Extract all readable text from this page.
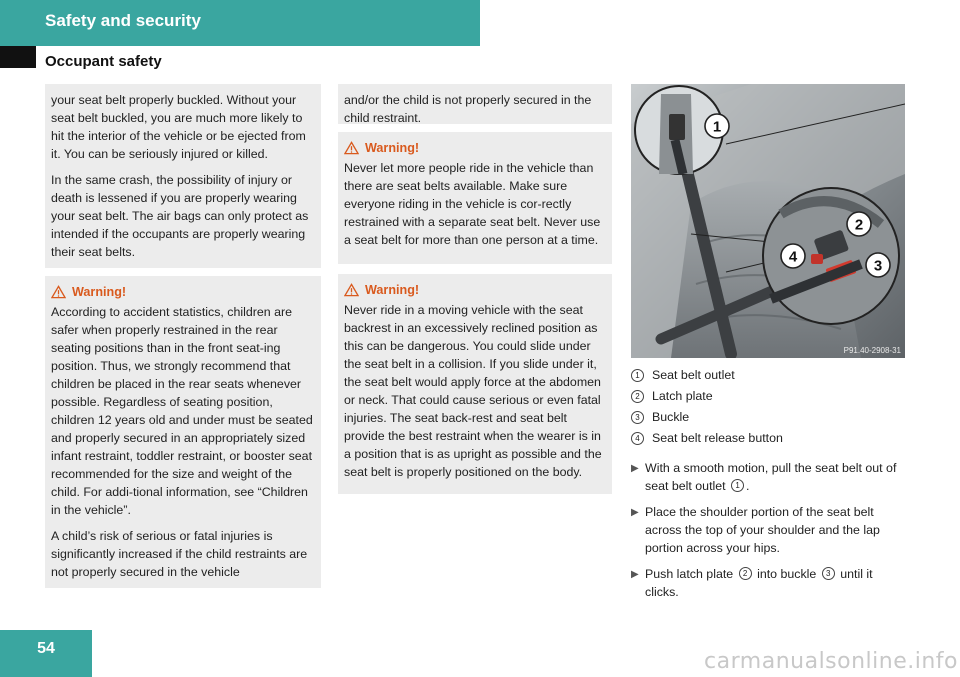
Safety and security
Occupant safety

your seat belt properly buckled. Without your seat belt buckled, you are much more likely to hit the interior of the vehicle or be ejected from it. You can be seriously injured or killed.

In the same crash, the possibility of injury or death is lessened if you are properly wearing your seat belt. The air bags can only protect as intended if the occupants are properly wearing their seat belts.

Warning!

According to accident statistics, children are safer when properly restrained in the rear seating positions than in the front seat-ing position. Thus, we strongly recommend that children be placed in the rear seats whenever possible. Regardless of seating position, children 12 years old and under must be seated and properly secured in an appropriately sized infant restraint, toddler restraint, or booster seat recommended for the size and weight of the child. For addi-tional information, see “Children in the vehicle”.

A child’s risk of serious or fatal injuries is significantly increased if the child restraints are not properly secured in the vehicle

and/or the child is not properly secured in the child restraint.

Warning!

Never let more people ride in the vehicle than there are seat belts available. Make sure everyone riding in the vehicle is cor-rectly restrained with a separate seat belt. Never use a seat belt for more than one person at a time.

Warning!

Never ride in a moving vehicle with the seat backrest in an excessively reclined position as this can be dangerous. You could slide under the seat belt in a collision. If you slide under it, the seat belt would apply force at the abdomen or neck. That could cause serious or even fatal injuries. The seat back-rest and seat belt provide the best restraint when the wearer is in a position that is as upright as possible and the seat belt is properly positioned on the body.

1
2
3
4
P91.40-2908-31
1 Seat belt outlet
2 Latch plate
3 Buckle
4 Seat belt release button
▶ With a smooth motion, pull the seat belt out of seat belt outlet 1 .
▶ Place the shoulder portion of the seat belt across the top of your shoulder and the lap portion across your hips.
▶ Push latch plate 2 into buckle 3 until it clicks.
54
carmanualsonline.info
